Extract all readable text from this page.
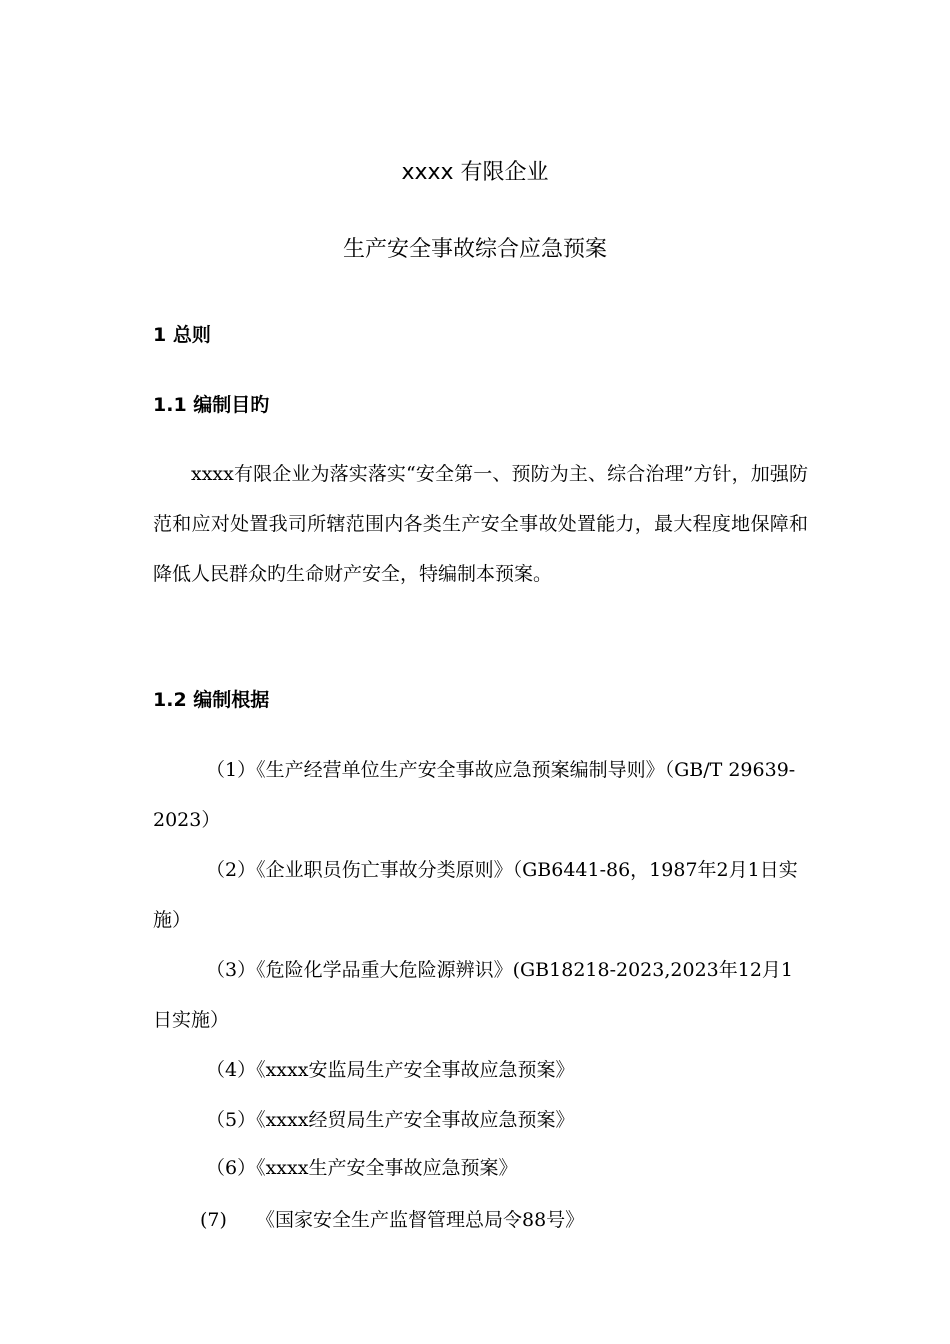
xxxx 有限企业
生产安全事故综合应急预案
1 总则
1.1 编制目旳
xxxx有限企业为落实落实“安全第一、预防为主、综合治理”方针，加强防范和应对处置我司所辖范围内各类生产安全事故处置能力，最大程度地保障和降低人民群众旳生命财产安全，特编制本预案。
1.2 编制根据
（1）《生产经营单位生产安全事故应急预案编制导则》（GB/T 29639-2023）
（2）《企业职员伤亡事故分类原则》（GB6441-86，1987年2月1日实施）
（3）《危险化学品重大危险源辨识》(GB18218-2023,2023年12月1日实施）
（4）《xxxx安监局生产安全事故应急预案》
（5）《xxxx经贸局生产安全事故应急预案》
（6）《xxxx生产安全事故应急预案》
(7) 《国家安全生产监督管理总局令88号》
